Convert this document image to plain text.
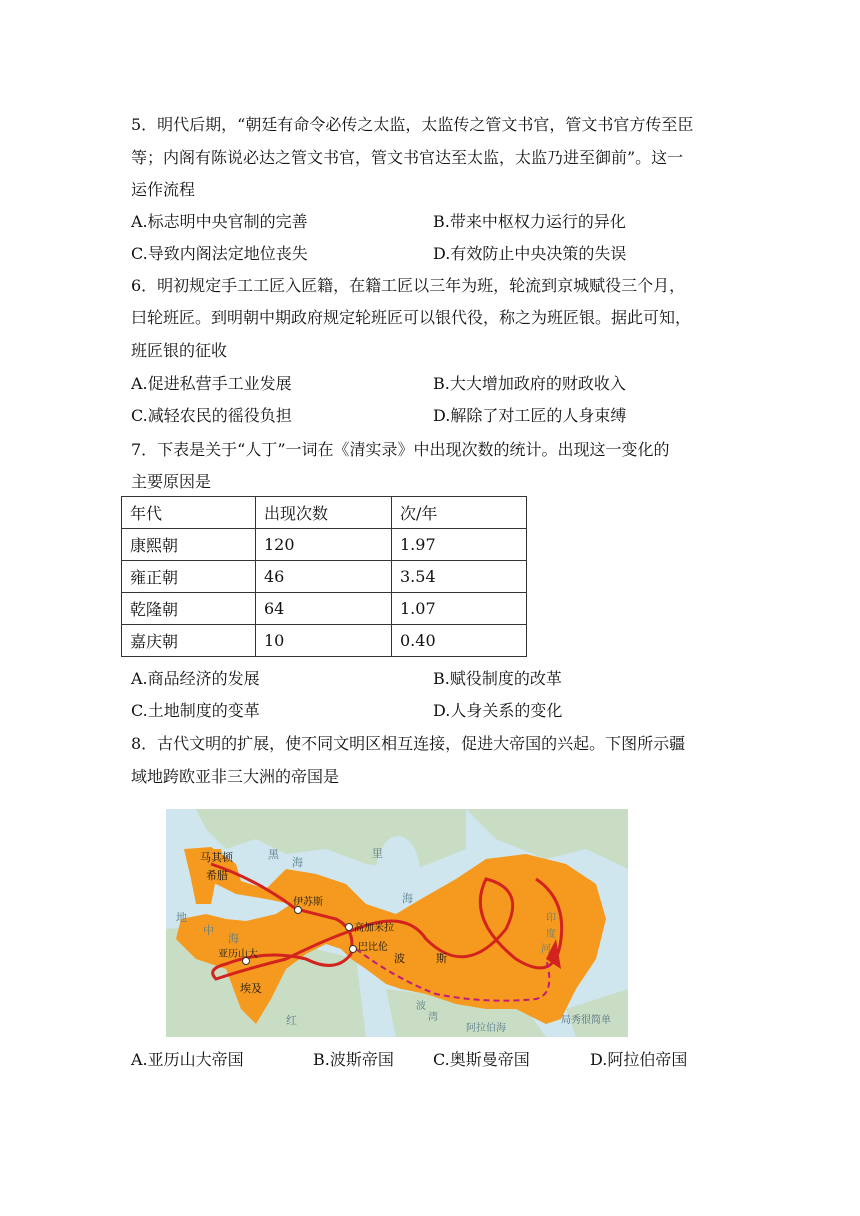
5．明代后期，“朝廷有命令必传之太监，太监传之管文书官，管文书官方传至臣
等；内阁有陈说必达之管文书官，管文书官达至太监，太监乃进至御前”。这一
运作流程
A.标志明中央官制的完善	B.带来中枢权力运行的异化
C.导致内阁法定地位丧失	D.有效防止中央决策的失误
6．明初规定手工工匠入匠籍，在籍工匠以三年为班，轮流到京城赋役三个月，
曰轮班匠。到明朝中期政府规定轮班匠可以银代役，称之为班匠银。据此可知，
班匠银的征收
A.促进私营手工业发展	B.大大增加政府的财政收入
C.减轻农民的徭役负担	D.解除了对工匠的人身束缚
7．下表是关于“人丁”一词在《清实录》中出现次数的统计。出现这一变化的
主要原因是
年代	出现次数	次/年
康熙朝	120	1.97
雍正朝	46	3.54
乾隆朝	64	1.07
嘉庆朝	10	0.40
A.商品经济的发展	B.赋役制度的改革
C.土地制度的变革	D.人身关系的变化
8．古代文明的扩展，使不同文明区相互连接，促进大帝国的兴起。下图所示疆
域地跨欧亚非三大洲的帝国是
马其顿
希腊
黑
海
里
海
地
中
海
伊苏斯
高加米拉
巴比伦
亚历山大
埃及
波	斯
红
波
湾
阿拉伯海
印
度
河
局秀很简单
A.亚历山大帝国	B.波斯帝国 C.奥斯曼帝国	D.阿拉伯帝国
